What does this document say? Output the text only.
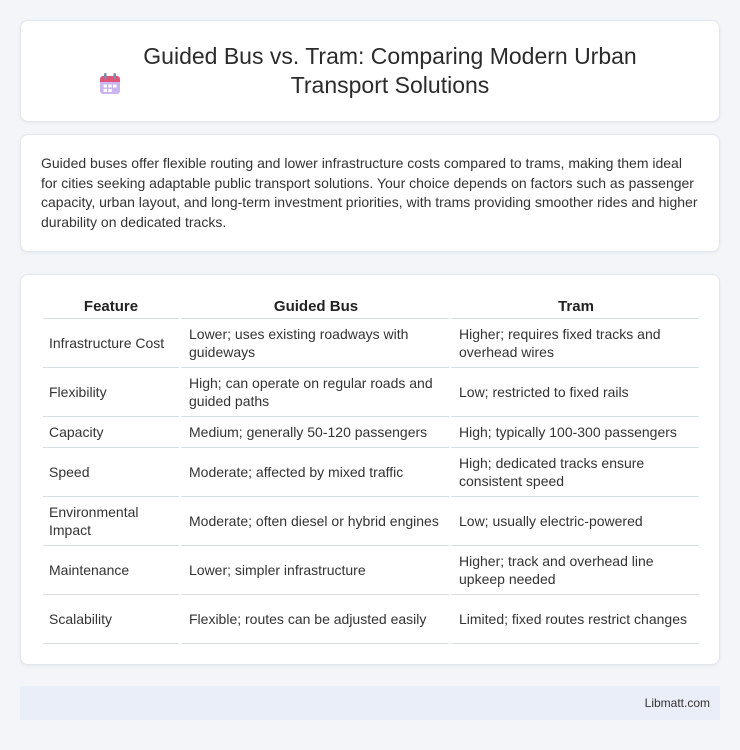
Guided Bus vs. Tram: Comparing Modern Urban Transport Solutions

Guided buses offer flexible routing and lower infrastructure costs compared to trams, making them ideal for cities seeking adaptable public transport solutions. Your choice depends on factors such as passenger capacity, urban layout, and long-term investment priorities, with trams providing smoother rides and higher durability on dedicated tracks.

Feature	Guided Bus	Tram
Infrastructure Cost	Lower; uses existing roadways with guideways	Higher; requires fixed tracks and overhead wires
Flexibility	High; can operate on regular roads and guided paths	Low; restricted to fixed rails
Capacity	Medium; generally 50-120 passengers	High; typically 100-300 passengers
Speed	Moderate; affected by mixed traffic	High; dedicated tracks ensure consistent speed
Environmental Impact	Moderate; often diesel or hybrid engines	Low; usually electric-powered
Maintenance	Lower; simpler infrastructure	Higher; track and overhead line upkeep needed
Scalability	Flexible; routes can be adjusted easily	Limited; fixed routes restrict changes
Libmatt.com
